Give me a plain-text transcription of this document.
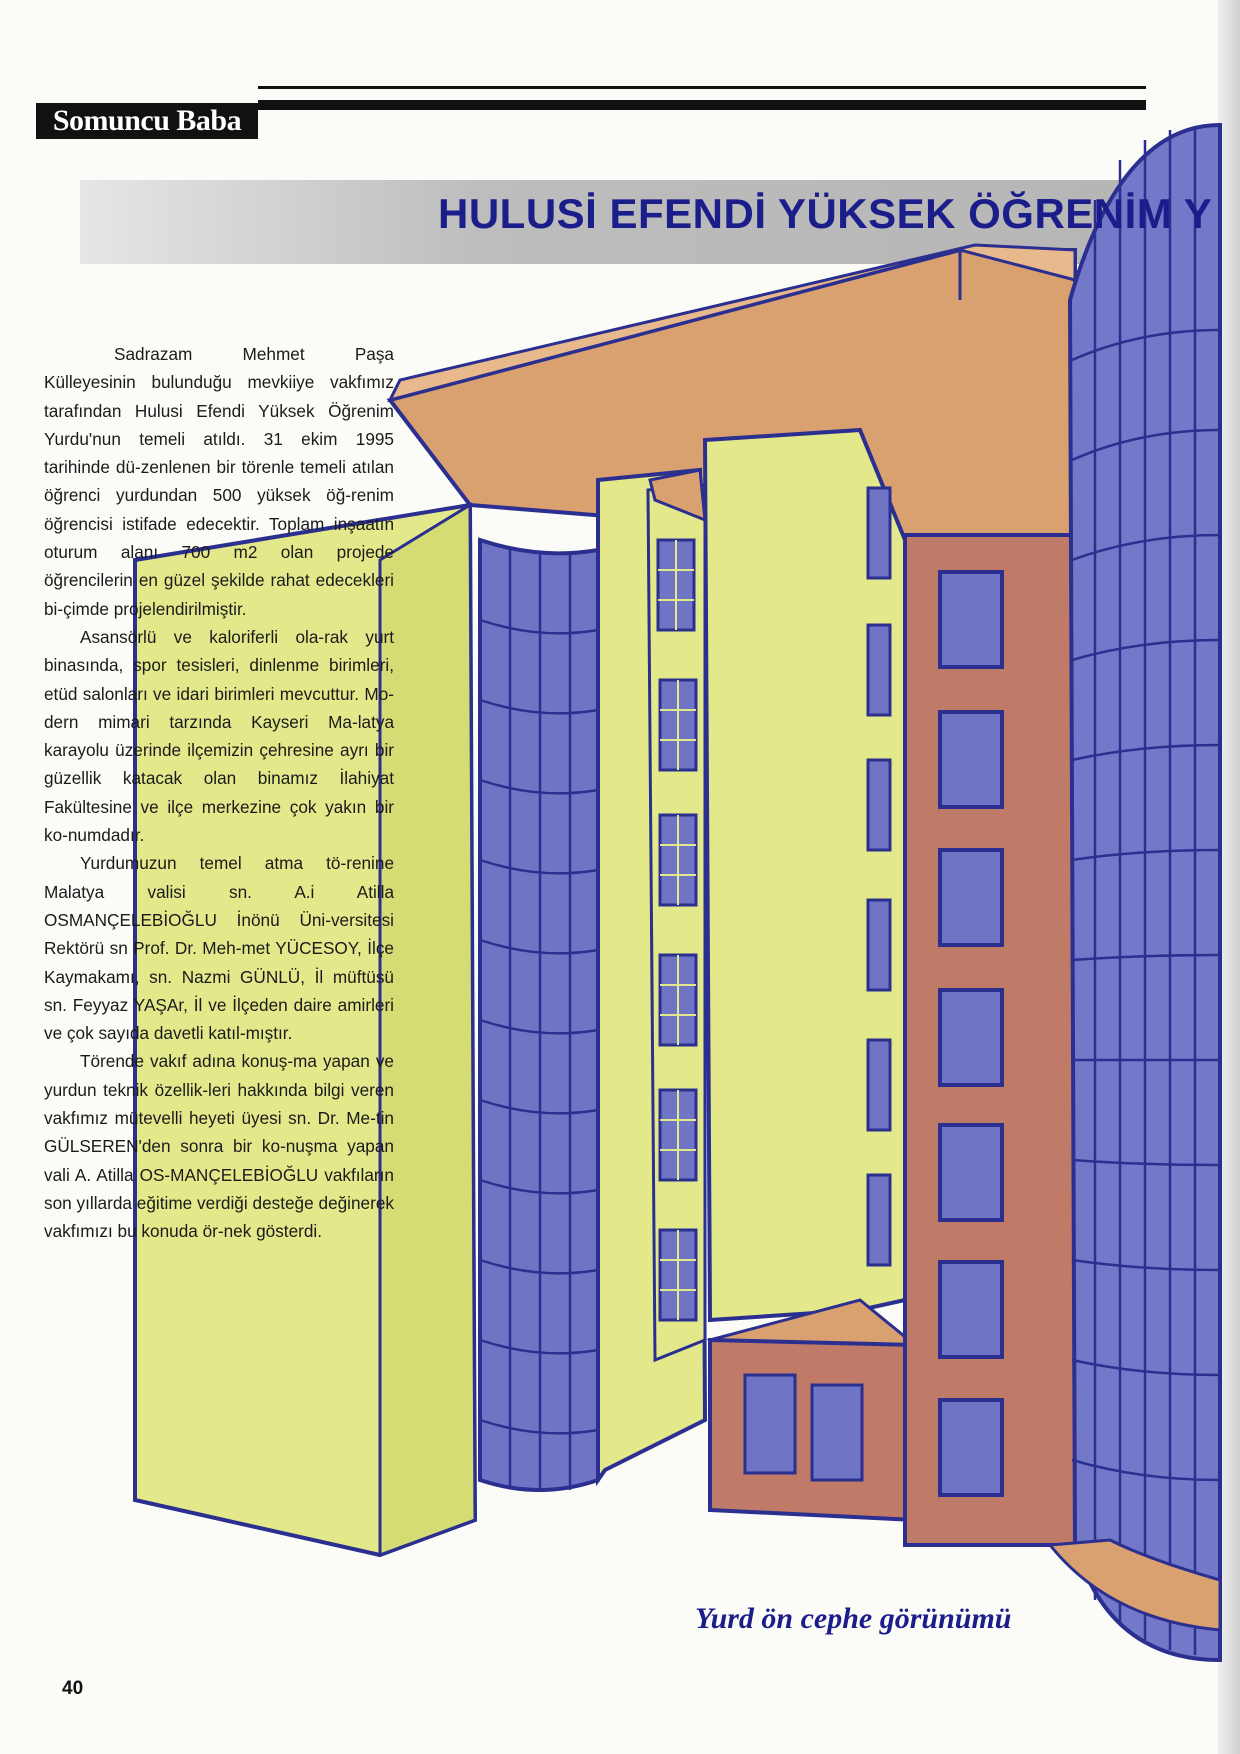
Somuncu Baba
HULUSİ EFENDİ YÜKSEK ÖĞRENİM Y

Sadrazam Mehmet Paşa Külleyesinin bulunduğu mevkiiye vakfımız tarafından Hulusi Efendi Yüksek Öğrenim Yurdu'nun temeli atıldı. 31 ekim 1995 tarihinde dü-zenlenen bir törenle temeli atılan öğrenci yurdundan 500 yüksek öğ-renim öğrencisi istifade edecektir. Toplam inşaatın oturum alanı 700 m2 olan projede öğrencilerin en güzel şekilde rahat edecekleri bi-çimde projelendirilmiştir.

Asansörlü ve kaloriferli ola-rak yurt binasında, spor tesisleri, dinlenme birimleri, etüd salonları ve idari birimleri mevcuttur. Mo-dern mimari tarzında Kayseri Ma-latya karayolu üzerinde ilçemizin çehresine ayrı bir güzellik katacak olan binamız İlahiyat Fakültesine ve ilçe merkezine çok yakın bir ko-numdadır.

Yurdumuzun temel atma tö-renine Malatya valisi sn. A.i Atilla OSMANÇELEBİOĞLU İnönü Üni-versitesi Rektörü sn Prof. Dr. Meh-met YÜCESOY, İlçe Kaymakamı, sn. Nazmi GÜNLÜ, İl müftüsü sn. Feyyaz YAŞAr, İl ve İlçeden daire amirleri ve çok sayıda davetli katıl-mıştır.

Törende vakıf adına konuş-ma yapan ve yurdun teknik özellik-leri hakkında bilgi veren vakfımız mütevelli heyeti üyesi sn. Dr. Me-tin GÜLSEREN'den sonra bir ko-nuşma yapan vali A. Atilla OS-MANÇELEBİOĞLU vakfıların son yıllarda eğitime verdiği desteğe değinerek vakfımızı bu konuda ör-nek gösterdi.

Yurd ön cephe görünümü
40
